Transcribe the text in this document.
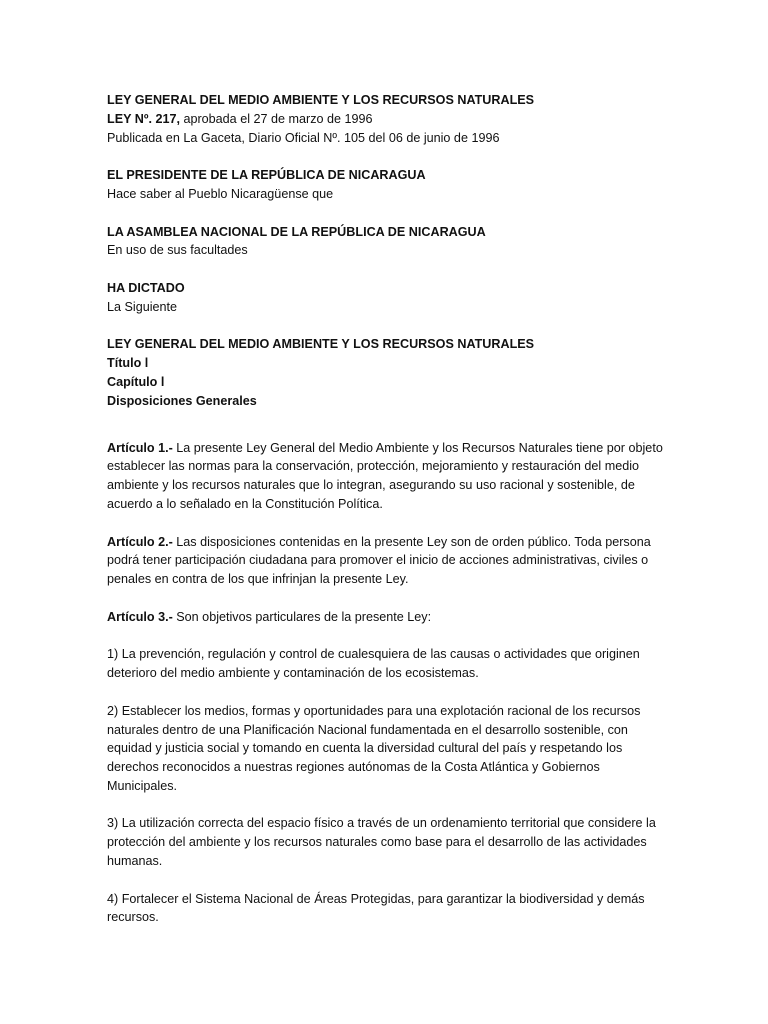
LEY GENERAL DEL MEDIO AMBIENTE Y LOS RECURSOS NATURALES

LEY Nº. 217, aprobada el 27 de marzo de 1996

Publicada en La Gaceta, Diario Oficial Nº. 105 del 06 de junio de 1996

EL PRESIDENTE DE LA REPÚBLICA DE NICARAGUA

Hace saber al Pueblo Nicaragüense que

LA ASAMBLEA NACIONAL DE LA REPÚBLICA DE NICARAGUA

En uso de sus facultades

HA DICTADO

La Siguiente

LEY GENERAL DEL MEDIO AMBIENTE Y LOS RECURSOS NATURALES

Título l

Capítulo l

Disposiciones Generales

Artículo 1.- La presente Ley General del Medio Ambiente y los Recursos Naturales tiene por objeto establecer las normas para la conservación, protección, mejoramiento y restauración del medio ambiente y los recursos naturales que lo integran, asegurando su uso racional y sostenible, de acuerdo a lo señalado en la Constitución Política.

Artículo 2.- Las disposiciones contenidas en la presente Ley son de orden público. Toda persona podrá tener participación ciudadana para promover el inicio de acciones administrativas, civiles o penales en contra de los que infrinjan la presente Ley.

Artículo 3.- Son objetivos particulares de la presente Ley:

1) La prevención, regulación y control de cualesquiera de las causas o actividades que originen deterioro del medio ambiente y contaminación de los ecosistemas.

2) Establecer los medios, formas y oportunidades para una explotación racional de los recursos naturales dentro de una Planificación Nacional fundamentada en el desarrollo sostenible, con equidad y justicia social y tomando en cuenta la diversidad cultural del país y respetando los derechos reconocidos a nuestras regiones autónomas de la Costa Atlántica y Gobiernos Municipales.

3) La utilización correcta del espacio físico a través de un ordenamiento territorial que considere la protección del ambiente y los recursos naturales como base para el desarrollo de las actividades humanas.

4) Fortalecer el Sistema Nacional de Áreas Protegidas, para garantizar la biodiversidad y demás recursos.
